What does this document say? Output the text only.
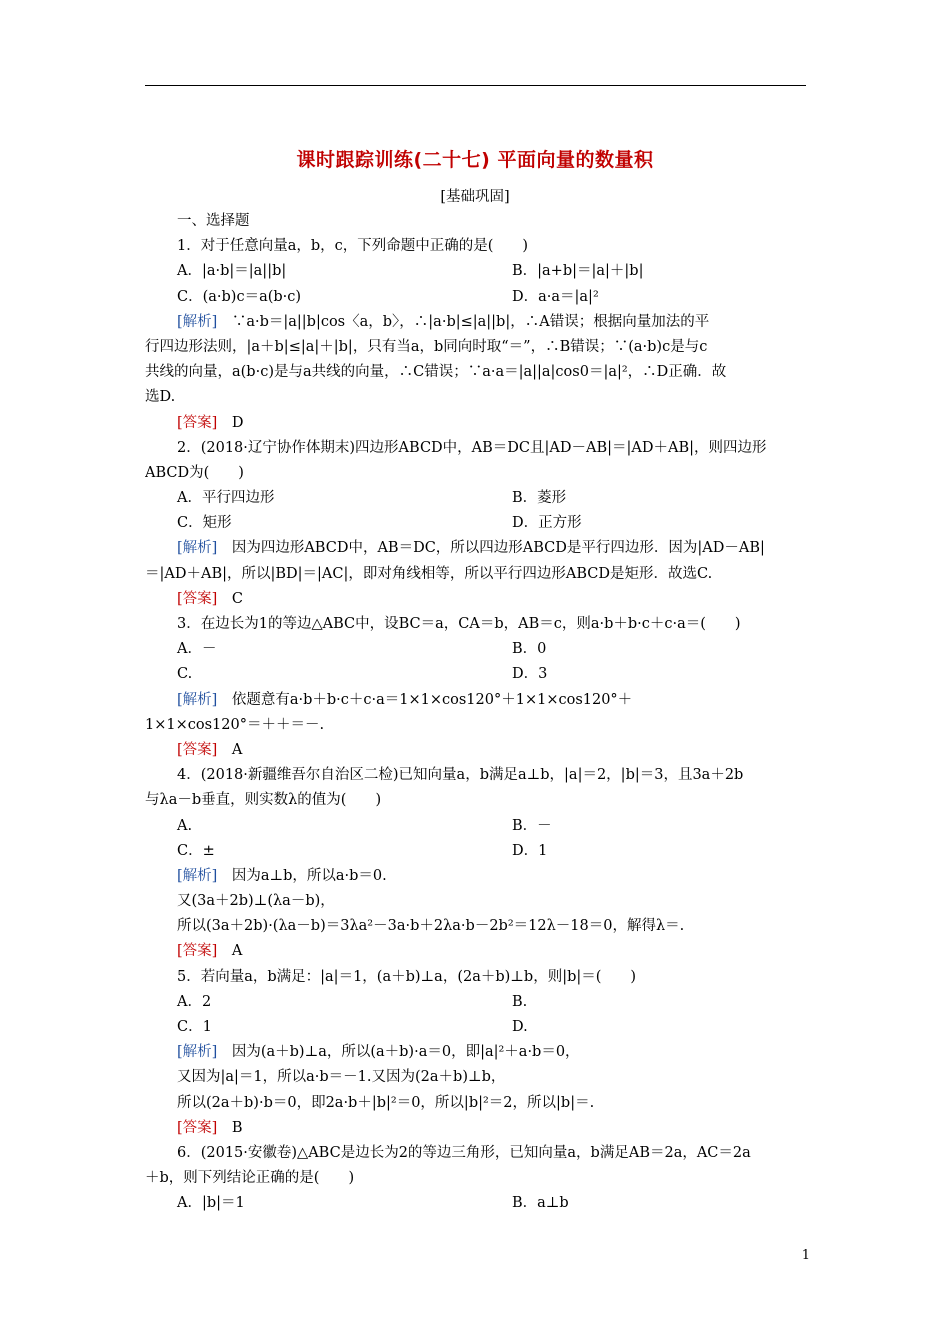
课时跟踪训练(二十七) 平面向量的数量积
[基础巩固]
一、选择题
1．对于任意向量a，b，c，下列命题中正确的是(　　)
A．|a·b|＝|a||b|	B．|a+b|＝|a|＋|b|
C．(a·b)c＝a(b·c)	D．a·a＝|a|²
[解析]　∵a·b＝|a||b|cos〈a，b〉，∴|a·b|≤|a||b|，∴A错误；根据向量加法的平
行四边形法则，|a＋b|≤|a|＋|b|，只有当a，b同向时取“＝”，∴B错误；∵(a·b)c是与c
共线的向量，a(b·c)是与a共线的向量，∴C错误；∵a·a＝|a||a|cos0＝|a|²，∴D正确．故
选D.
[答案]　D
2．(2018·辽宁协作体期末)四边形ABCD中，AB＝DC且|AD－AB|＝|AD＋AB|，则四边形
ABCD为(　　)
A．平行四边形	B．菱形
C．矩形	D．正方形
[解析]　因为四边形ABCD中，AB＝DC，所以四边形ABCD是平行四边形．因为|AD－AB|
＝|AD＋AB|，所以|BD|＝|AC|，即对角线相等，所以平行四边形ABCD是矩形．故选C.
[答案]　C
3．在边长为1的等边△ABC中，设BC＝a，CA＝b，AB＝c，则a·b＋b·c＋c·a＝(　　)
A．－	B．0
C.	D．3
[解析]　依题意有a·b＋b·c＋c·a＝1×1×cos120°＋1×1×cos120°＋
1×1×cos120°＝＋＋＝－.
[答案]　A
4．(2018·新疆维吾尔自治区二检)已知向量a，b满足a⊥b，|a|＝2，|b|＝3，且3a＋2b
与λa－b垂直，则实数λ的值为(　　)
A.	B．－
C．±	D．1
[解析]　因为a⊥b，所以a·b＝0.
又(3a＋2b)⊥(λa－b)，
所以(3a＋2b)·(λa－b)＝3λa²－3a·b＋2λa·b－2b²＝12λ－18＝0，解得λ＝.
[答案]　A
5．若向量a，b满足：|a|＝1，(a＋b)⊥a，(2a＋b)⊥b，则|b|＝(　　)
A．2	B.
C．1	D.
[解析]　因为(a＋b)⊥a，所以(a＋b)·a＝0，即|a|²＋a·b＝0，
又因为|a|＝1，所以a·b＝－1.又因为(2a＋b)⊥b，
所以(2a＋b)·b＝0，即2a·b＋|b|²＝0，所以|b|²＝2，所以|b|＝.
[答案]　B
6．(2015·安徽卷)△ABC是边长为2的等边三角形，已知向量a，b满足AB＝2a，AC＝2a
＋b，则下列结论正确的是(　　)
A．|b|＝1	B．a⊥b
1
